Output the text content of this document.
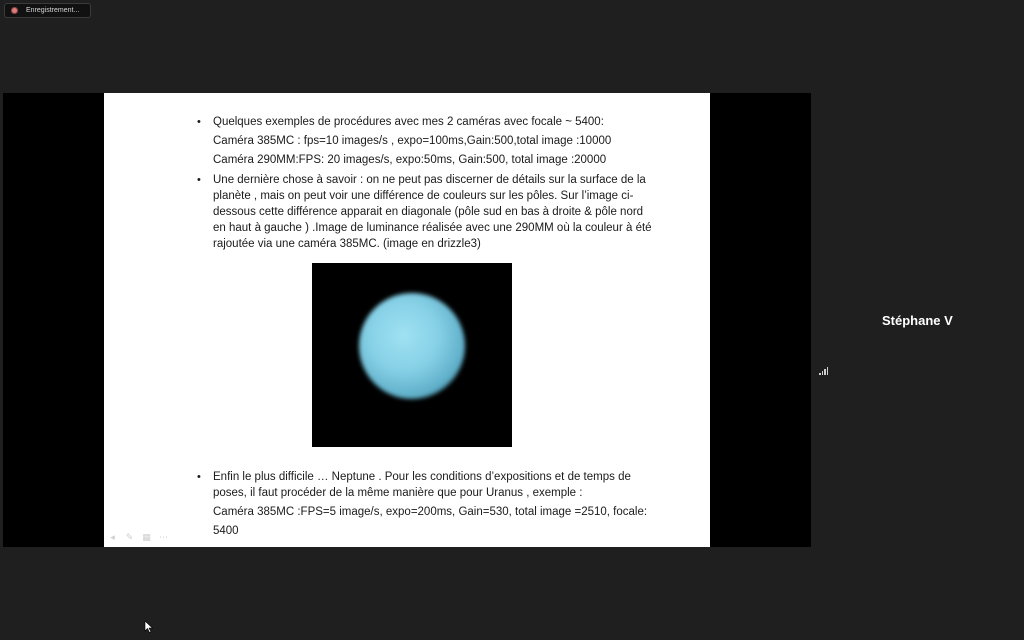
Enregistrement...
• Quelques exemples de procédures avec mes 2 caméras avec focale ~ 5400:
Caméra 385MC : fps=10 images/s , expo=100ms,Gain:500,total image :10000
Caméra 290MM:FPS: 20 images/s, expo:50ms, Gain:500, total image :20000
• Une dernière chose à savoir : on ne peut pas discerner de détails sur la surface de la
planète , mais on peut voir une différence de couleurs sur les pôles. Sur l’image ci-
dessous cette différence apparait en diagonale (pôle sud en bas à droite & pôle nord
en haut à gauche ) .Image de luminance réalisée avec une 290MM où la couleur à été
rajoutée via une caméra 385MC. (image en drizzle3)
• Enfin le plus difficile … Neptune . Pour les conditions d’expositions et de temps de
poses, il faut procéder de la même manière que pour Uranus , exemple :
Caméra 385MC :FPS=5 image/s, expo=200ms, Gain=530, total image =2510, focale:
5400
◂ ✎ ▦ ⋯
Stéphane V
